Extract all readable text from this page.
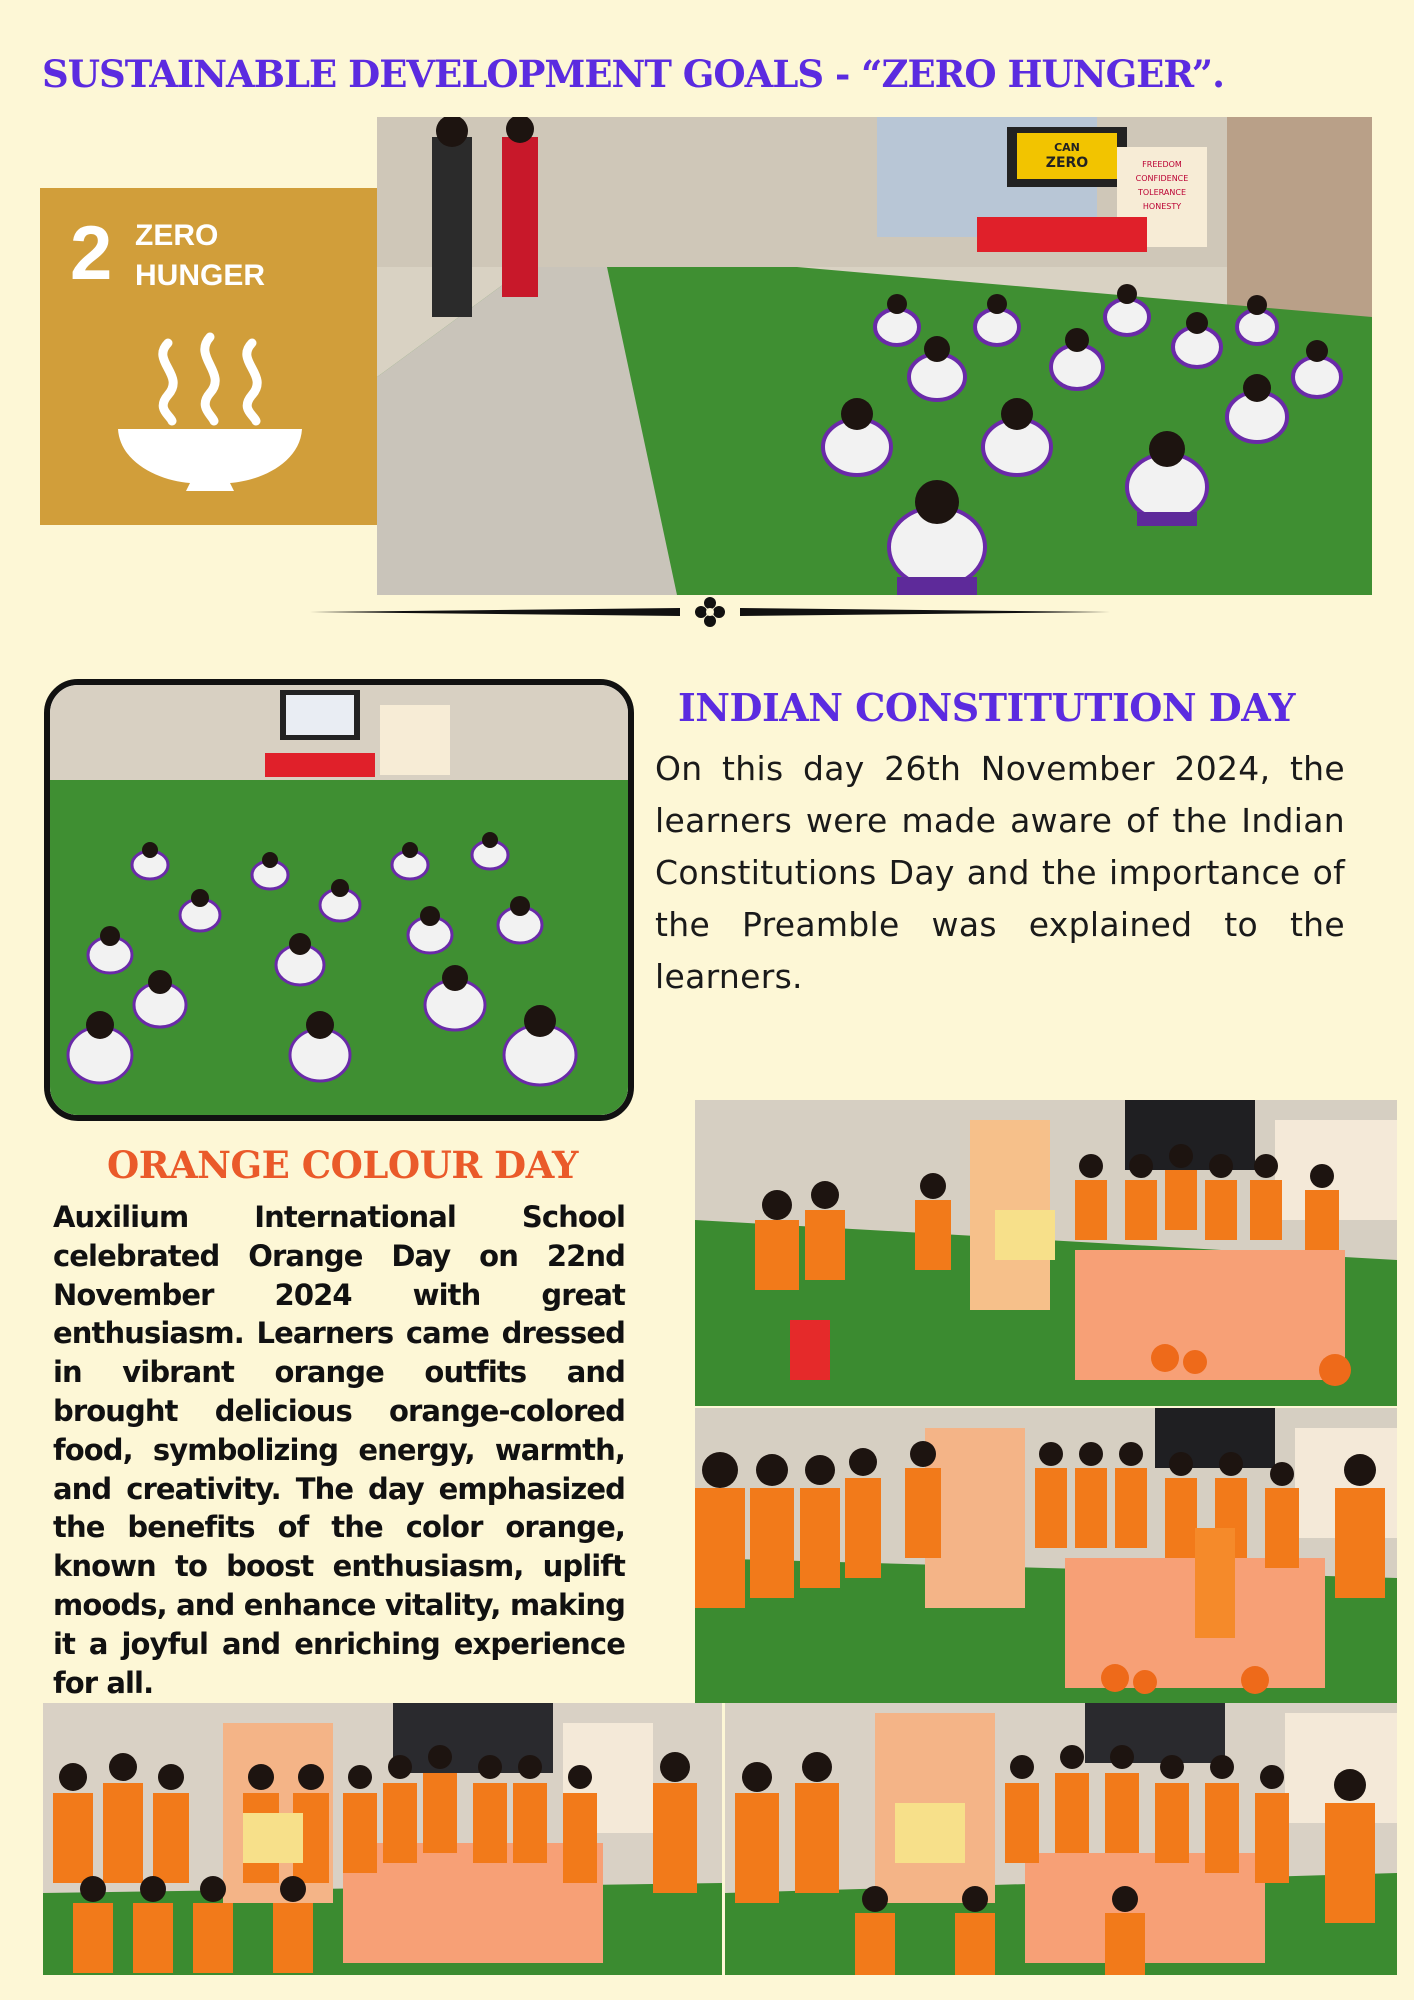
SUSTAINABLE DEVELOPMENT GOALS - “ZERO HUNGER”.
2 ZERO
HUNGER
CAN
ZERO	FREEDOM
CONFIDENCE
TOLERANCE
HONESTY
INDIAN CONSTITUTION DAY
On this day 26th November 2024, the learners were made aware of the Indian Constitutions Day and the importance of the Preamble was explained to the learners.
ORANGE COLOUR DAY
Auxilium International School celebrated Orange Day on 22nd November 2024 with great enthusiasm. Learners came dressed in vibrant orange outfits and brought delicious orange-colored food, symbolizing energy, warmth, and creativity. The day emphasized the benefits of the color orange, known to boost enthusiasm, uplift moods, and enhance vitality, making it a joyful and enriching experience for all.
